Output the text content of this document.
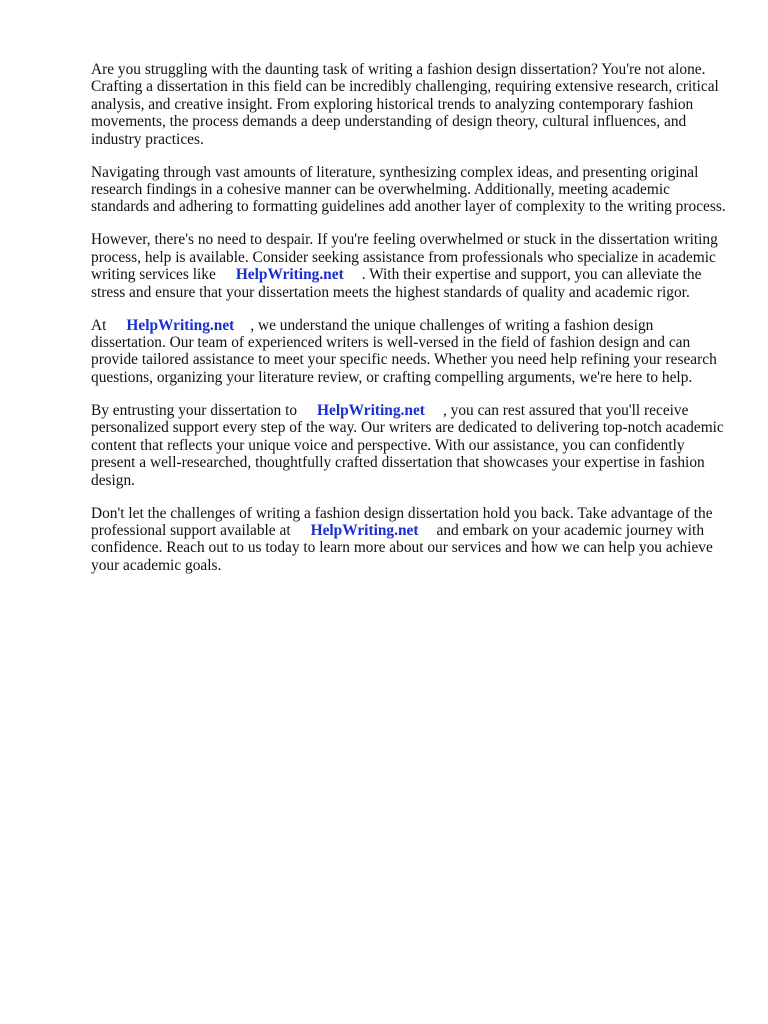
Are you struggling with the daunting task of writing a fashion design dissertation? You're not alone. Crafting a dissertation in this field can be incredibly challenging, requiring extensive research, critical analysis, and creative insight. From exploring historical trends to analyzing contemporary fashion movements, the process demands a deep understanding of design theory, cultural influences, and industry practices.

Navigating through vast amounts of literature, synthesizing complex ideas, and presenting original research findings in a cohesive manner can be overwhelming. Additionally, meeting academic standards and adhering to formatting guidelines add another layer of complexity to the writing process.

However, there's no need to despair. If you're feeling overwhelmed or stuck in the dissertation writing process, help is available. Consider seeking assistance from professionals who specialize in academic writing services like HelpWriting.net . With their expertise and support, you can alleviate the stress and ensure that your dissertation meets the highest standards of quality and academic rigor.

At HelpWriting.net , we understand the unique challenges of writing a fashion design dissertation. Our team of experienced writers is well-versed in the field of fashion design and can provide tailored assistance to meet your specific needs. Whether you need help refining your research questions, organizing your literature review, or crafting compelling arguments, we're here to help.

By entrusting your dissertation to HelpWriting.net , you can rest assured that you'll receive personalized support every step of the way. Our writers are dedicated to delivering top-notch academic content that reflects your unique voice and perspective. With our assistance, you can confidently present a well-researched, thoughtfully crafted dissertation that showcases your expertise in fashion design.

Don't let the challenges of writing a fashion design dissertation hold you back. Take advantage of the professional support available at HelpWriting.net and embark on your academic journey with confidence. Reach out to us today to learn more about our services and how we can help you achieve your academic goals.
